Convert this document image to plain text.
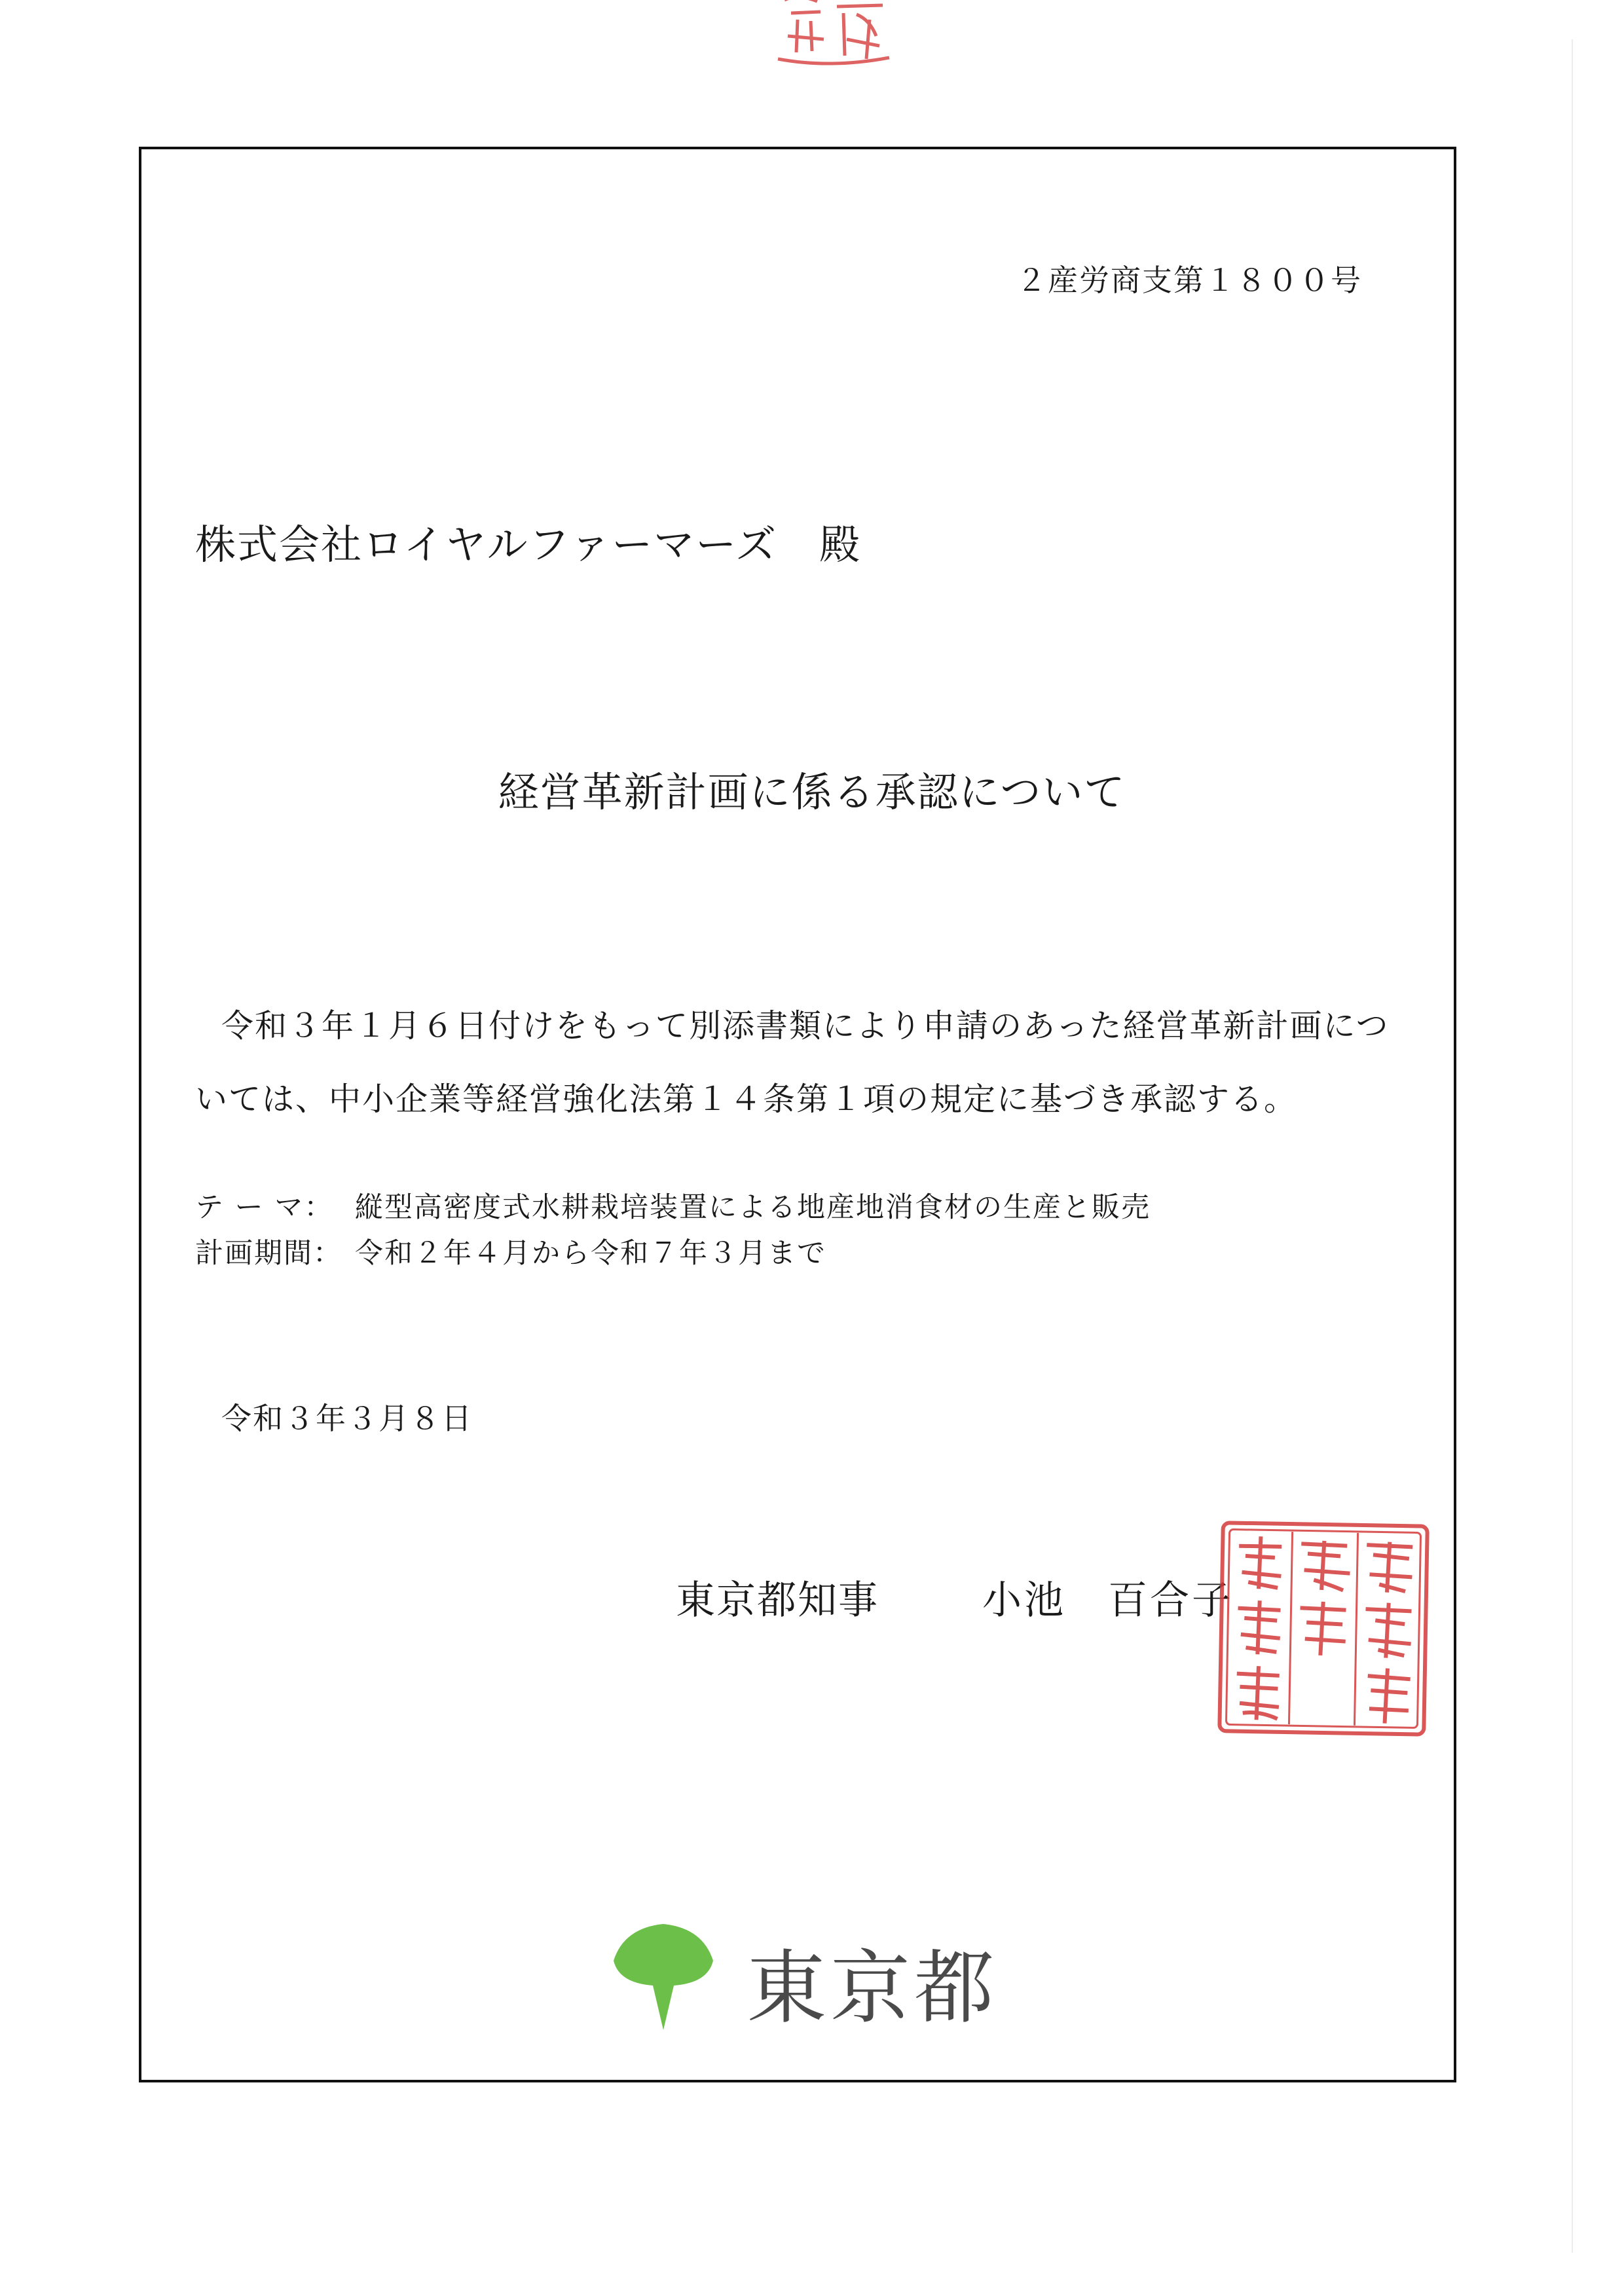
２産労商支第１８００号
株式会社ロイヤルファーマーズ　殿
経営革新計画に係る承認について
令和３年１月６日付けをもって別添書類により申請のあった経営革新計画につ
いては、中小企業等経営強化法第１４条第１項の規定に基づき承認する。
テ ー マ： 縦型高密度式水耕栽培装置による地産地消食材の生産と販売
計画期間： 令和２年４月から令和７年３月まで
令和３年３月８日
東京都知事	小池　百合子
東京都
